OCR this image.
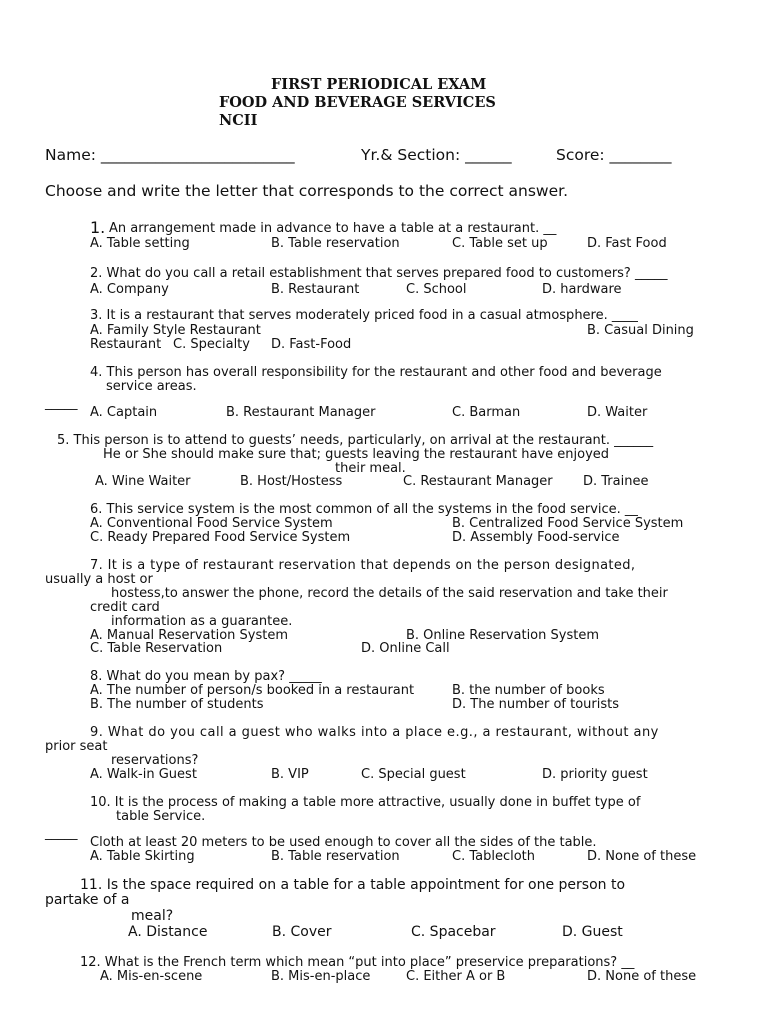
FIRST PERIODICAL EXAM
FOOD AND BEVERAGE SERVICES
NCII
Name: _________________________	Yr.& Section: ______	Score: ________
Choose and write the letter that corresponds to the correct answer.
1. An arrangement made in advance to have a table at a restaurant. __
A. Table setting	B. Table reservation	C. Table set up	D. Fast Food
2. What do you call a retail establishment that serves prepared food to customers? _____
A. Company	B. Restaurant	C. School	D. hardware
3. It is a restaurant that serves moderately priced food in a casual atmosphere. ____
A. Family Style Restaurant	B. Casual Dining
Restaurant C. Specialty D. Fast-Food
4. This person has overall responsibility for the restaurant and other food and beverage
service areas.
_____
A. Captain	B. Restaurant Manager	C. Barman	D. Waiter
5. This person is to attend to guests’ needs, particularly, on arrival at the restaurant. ______
He or She should make sure that; guests leaving the restaurant have enjoyed
their meal.
A. Wine Waiter	B. Host/Hostess	C. Restaurant Manager D. Trainee
6. This service system is the most common of all the systems in the food service. __
A. Conventional Food Service System	B. Centralized Food Service System
C. Ready Prepared Food Service System	D. Assembly Food-service
7. It is a type of restaurant reservation that depends on the person designated,
usually a host or
hostess,to answer the phone, record the details of the said reservation and take their
credit card
information as a guarantee.
A. Manual Reservation System	B. Online Reservation System
C. Table Reservation	D. Online Call
8. What do you mean by pax? _____
A. The number of person/s booked in a restaurant	B. the number of books
B. The number of students	D. The number of tourists
9. What do you call a guest who walks into a place e.g., a restaurant, without any
prior seat
reservations?
A. Walk-in Guest	B. VIP	C. Special guest	D. priority guest
10. It is the process of making a table more attractive, usually done in buffet type of
table Service.
_____
Cloth at least 20 meters to be used enough to cover all the sides of the table.
A. Table Skirting	B. Table reservation	C. Tablecloth	D. None of these
11. Is the space required on a table for a table appointment for one person to
partake of a
meal?
A. Distance	B. Cover	C. Spacebar	D. Guest
12. What is the French term which mean “put into place” preservice preparations? __
A. Mis-en-scene	B. Mis-en-place	C. Either A or B	D. None of these
